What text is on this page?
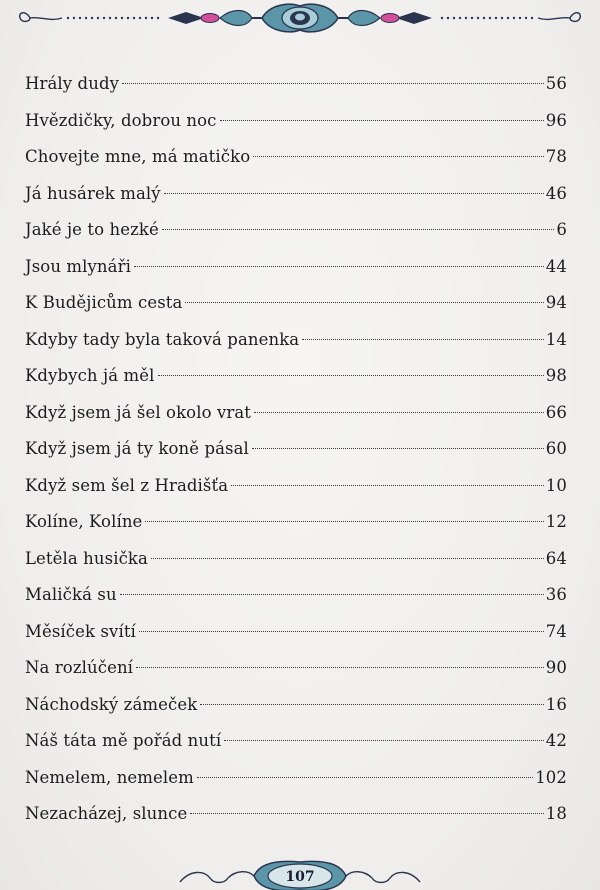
Hrály dudy	56
Hvězdičky, dobrou noc	96
Chovejte mne, má matičko	78
Já husárek malý	46
Jaké je to hezké	6
Jsou mlynáři	44
K Budějicům cesta	94
Kdyby tady byla taková panenka	14
Kdybych já měl	98
Když jsem já šel okolo vrat	66
Když jsem já ty koně pásal	60
Když sem šel z Hradišťa	10
Kolíne, Kolíne	12
Letěla husička	64
Maličká su	36
Měsíček svítí	74
Na rozlúčení	90
Náchodský zámeček	16
Náš táta mě pořád nutí	42
Nemelem, nemelem	102
Nezacházej, slunce	18
107
